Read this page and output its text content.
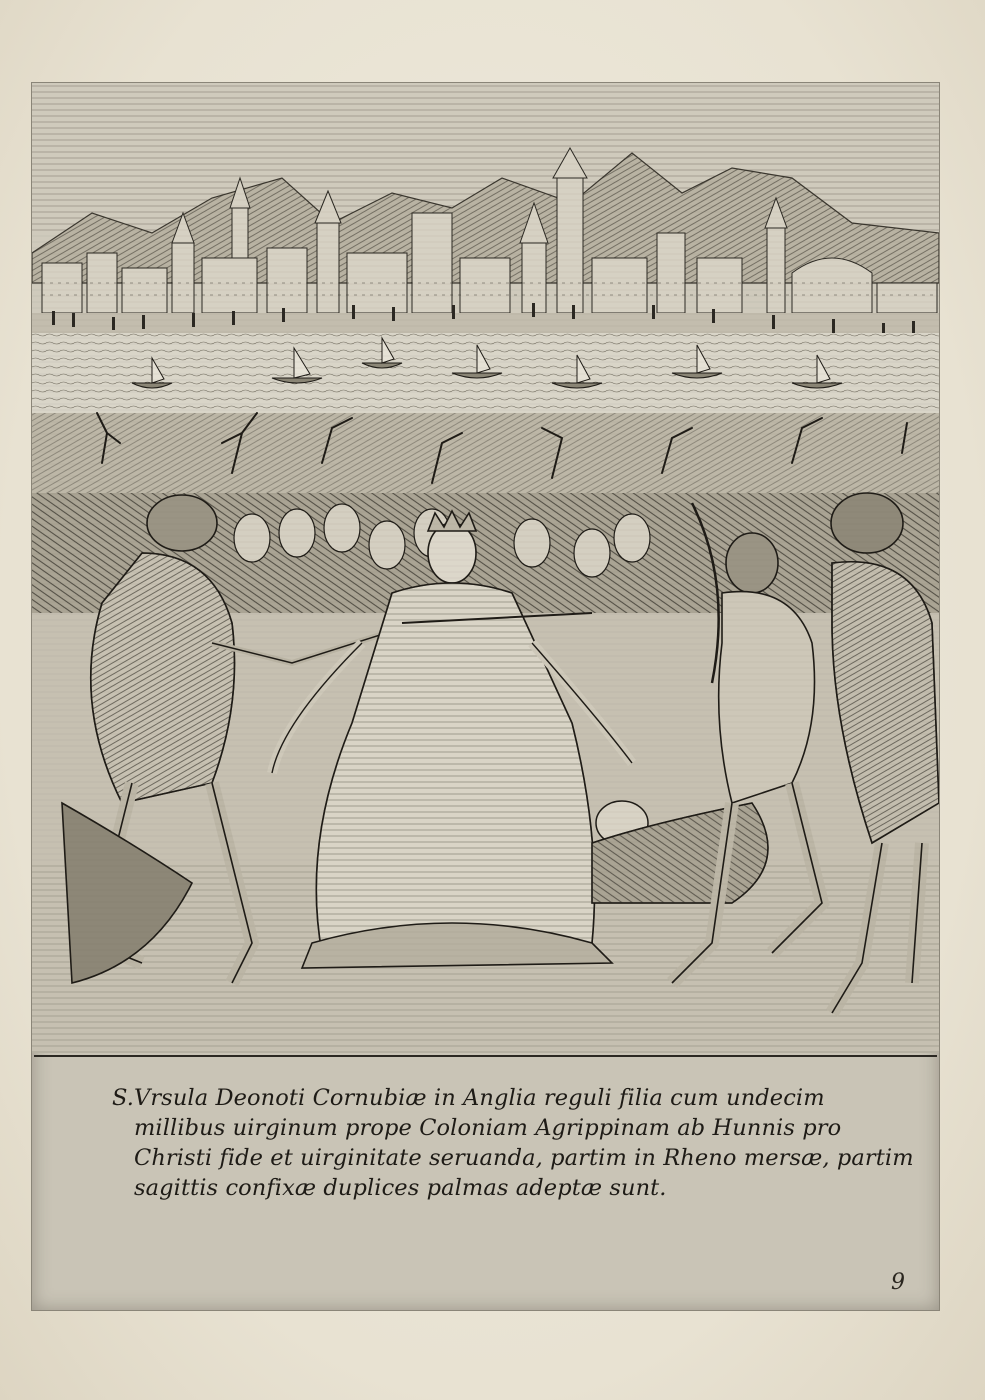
S.Vrsula Deonoti Cornubiæ in Anglia reguli filia cum undecim
millibus uirginum prope Coloniam Agrippinam ab Hunnis pro
Christi fide et uirginitate seruanda, partim in Rheno mersæ, partim
sagittis confixæ duplices palmas adeptæ sunt.
9
